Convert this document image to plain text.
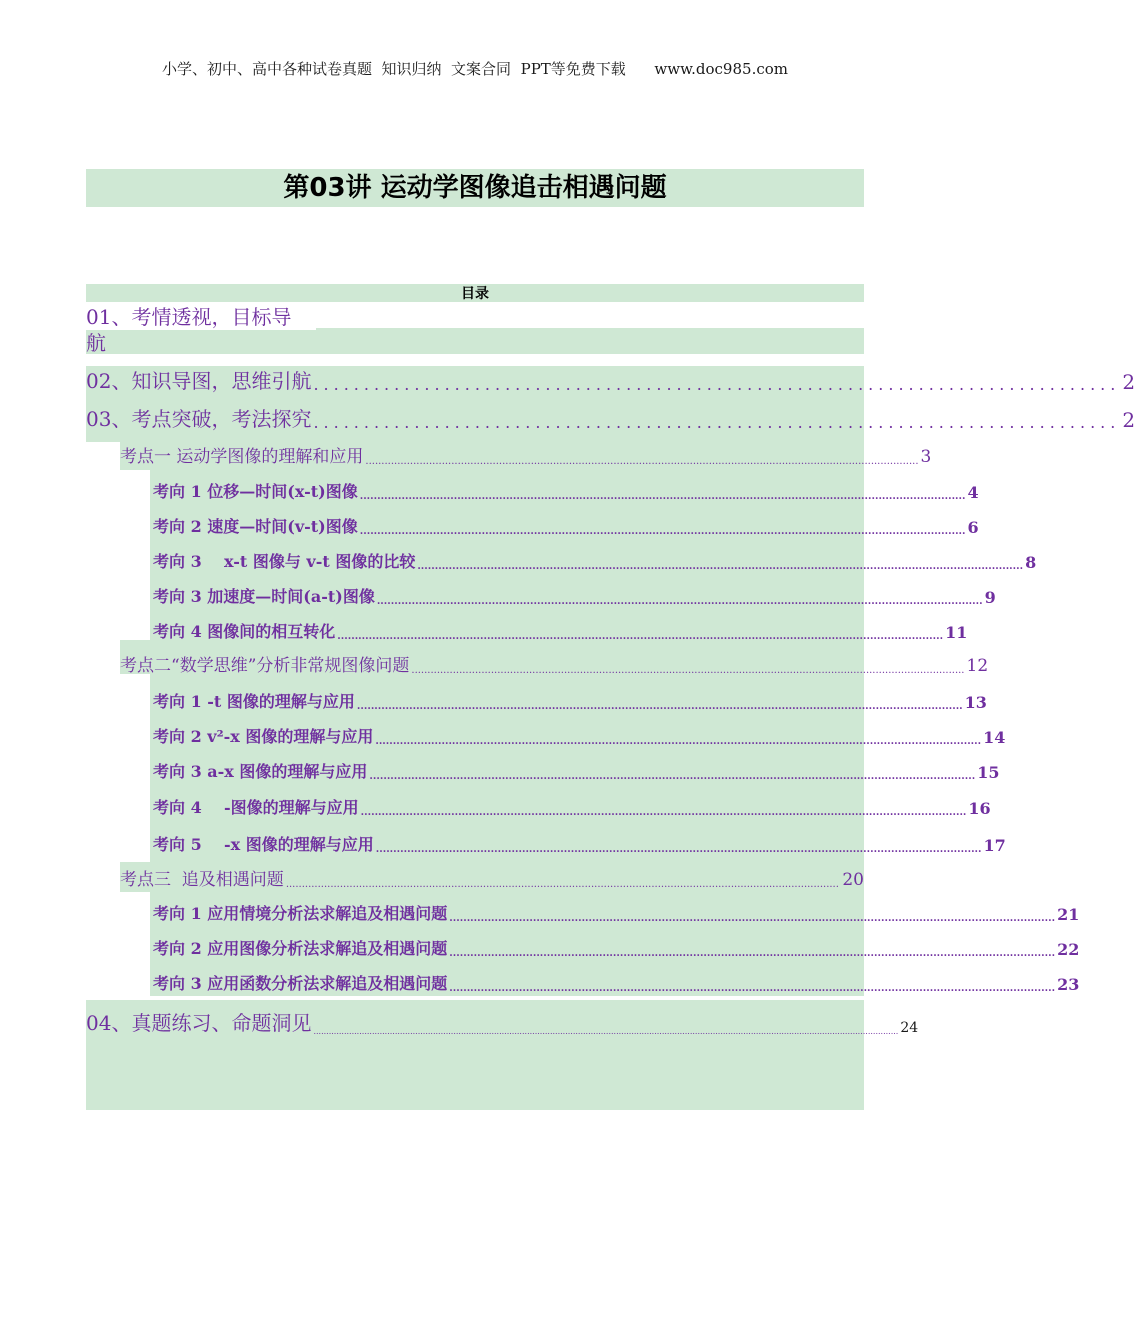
小学、初中、高中各种试卷真题  知识归纳  文案合同  PPT等免费下载      www.doc985.com
第03讲 运动学图像追击相遇问题
目录
01、考情透视，目标导
航
02、知识导图，思维引航 ................................................................................ 2
03、考点突破，考法探究 ................................................................................ 2
考点一 运动学图像的理解和应用 .............................................................................................................................................................................. 3
考向 1 位移—时间(x-t)图像 .............................................................................................................................................................................. 4
考向 2 速度—时间(v-t)图像 .............................................................................................................................................................................. 6
考向 3    x-t 图像与 v-t 图像的比较 .............................................................................................................................................................................. 8
考向 3 加速度—时间(a-t)图像 .............................................................................................................................................................................. 9
考向 4 图像间的相互转化 .............................................................................................................................................................................. 11
考点二“数学思维”分析非常规图像问题 .............................................................................................................................................................................. 12
考向 1 -t 图像的理解与应用 .............................................................................................................................................................................. 13
考向 2 v²-x 图像的理解与应用 .............................................................................................................................................................................. 14
考向 3 a-x 图像的理解与应用 .............................................................................................................................................................................. 15
考向 4    -图像的理解与应用 .............................................................................................................................................................................. 16
考向 5    -x 图像的理解与应用 .............................................................................................................................................................................. 17
考点三  追及相遇问题 .............................................................................................................................................................................. 20
考向 1 应用情境分析法求解追及相遇问题 .............................................................................................................................................................................. 21
考向 2 应用图像分析法求解追及相遇问题 .............................................................................................................................................................................. 22
考向 3 应用函数分析法求解追及相遇问题 .............................................................................................................................................................................. 23
04、真题练习、命题洞见 ...................................................................................................................................................................................................................................... 24
